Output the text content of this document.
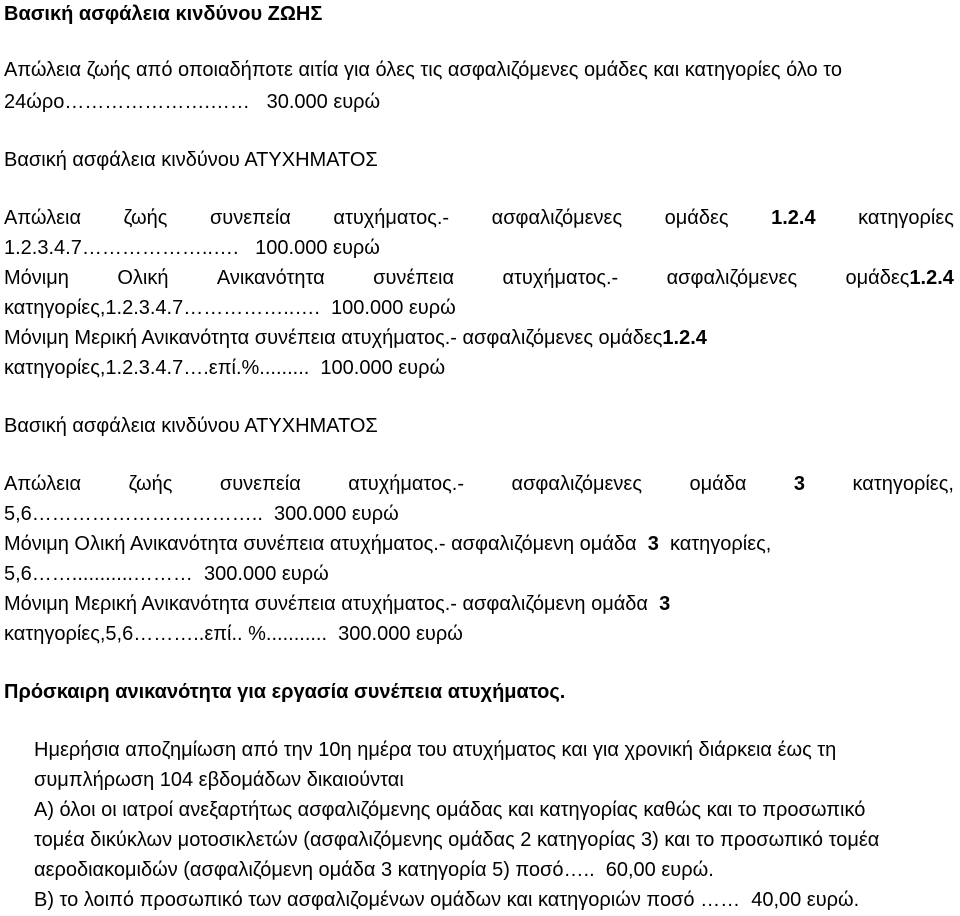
Βασική ασφάλεια κινδύνου ΖΩΗΣ
Απώλεια ζωής από οποιαδήποτε αιτία για όλες τις ασφαλιζόμενες ομάδες και κατηγορίες όλο το
24ώρο………………….……   30.000 ευρώ
Βασική ασφάλεια κινδύνου ΑΤΥΧΗΜΑΤΟΣ
Απώλεια ζωής συνεπεία ατυχήματος.- ασφαλιζόμενες ομάδες 1.2.4 κατηγορίες
1.2.3.4.7………………..….   100.000 ευρώ
Μόνιμη Ολική Ανικανότητα συνέπεια ατυχήματος.- ασφαλιζόμενες ομάδες1.2.4
κατηγορίες,1.2.3.4.7……………..….  100.000 ευρώ
Μόνιμη Μερική Ανικανότητα συνέπεια ατυχήματος.- ασφαλιζόμενες ομάδες1.2.4
κατηγορίες,1.2.3.4.7….επί.%.........  100.000 ευρώ
Βασική ασφάλεια κινδύνου ΑΤΥΧΗΜΑΤΟΣ
Απώλεια ζωής συνεπεία ατυχήματος.- ασφαλιζόμενες ομάδα 3 κατηγορίες,
5,6……………………………..  300.000 ευρώ
Μόνιμη Ολική Ανικανότητα συνέπεια ατυχήματος.- ασφαλιζόμενη ομάδα  3  κατηγορίες,
5,6……...........………  300.000 ευρώ
Μόνιμη Μερική Ανικανότητα συνέπεια ατυχήματος.- ασφαλιζόμενη ομάδα  3
κατηγορίες,5,6………..επί.. %...........  300.000 ευρώ
Πρόσκαιρη ανικανότητα για εργασία συνέπεια ατυχήματος.
Ημερήσια αποζημίωση από την 10η ημέρα του ατυχήματος και για χρονική διάρκεια έως τη
συμπλήρωση 104 εβδομάδων δικαιούνται
Α) όλοι οι ιατροί ανεξαρτήτως ασφαλιζόμενης ομάδας και κατηγορίας καθώς και το προσωπικό
τομέα δικύκλων μοτοσικλετών (ασφαλιζόμενης ομάδας 2 κατηγορίας 3) και το προσωπικό τομέα
αεροδιακομιδών (ασφαλιζόμενη ομάδα 3 κατηγορία 5) ποσό…..  60,00 ευρώ.
Β) το λοιπό προσωπικό των ασφαλιζομένων ομάδων και κατηγοριών ποσό ……  40,00 ευρώ.
